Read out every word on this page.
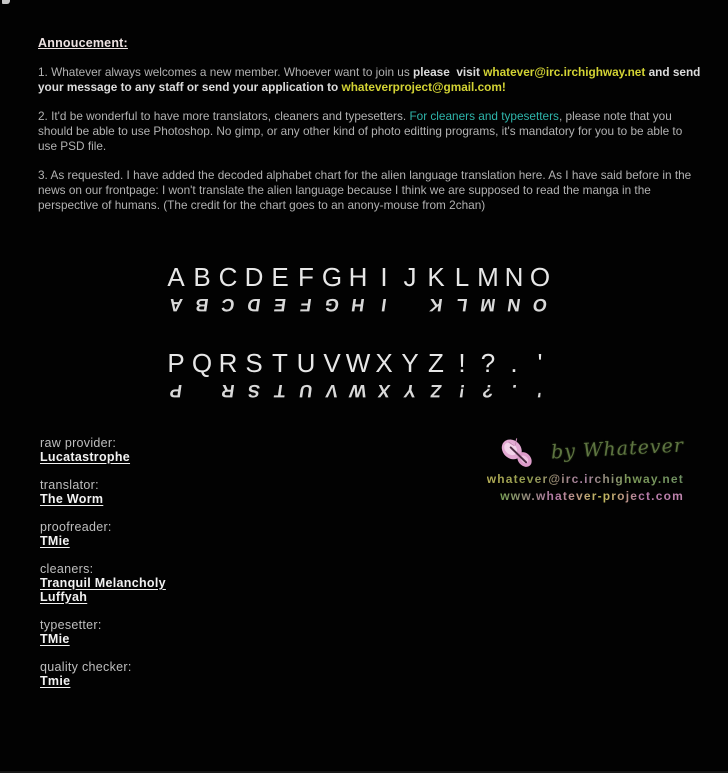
Annoucement:
1. Whatever always welcomes a new member. Whoever want to join us please  visit whatever@irc.irchighway.net and send your message to any staff or send your application to whateverproject@gmail.com!
2. It'd be wonderful to have more translators, cleaners and typesetters. For cleaners and typesetters, please note that you should be able to use Photoshop. No gimp, or any other kind of photo editting programs, it's mandatory for you to be able to use PSD file.
3. As requested. I have added the decoded alphabet chart for the alien language translation here. As I have said before in the news on our frontpage: I won't translate the alien language because I think we are supposed to read the manga in the perspective of humans. (The credit for the chart goes to an anony-mouse from 2chan)
A B C D E F G H I J K L M N O
A B C D E F G H I	K L M N O
P Q R S T U V W X Y Z ! ? . '
P	R S T U V W X Y Z ! ? .	'
raw provider:
Lucatastrophe
translator:
The Worm
proofreader:
TMie
cleaners:
Tranquil Melancholy
Luffyah
typesetter:
TMie
quality checker:
Tmie
by Whatever
whatever@irc.irchighway.net
www.whatever-project.com
